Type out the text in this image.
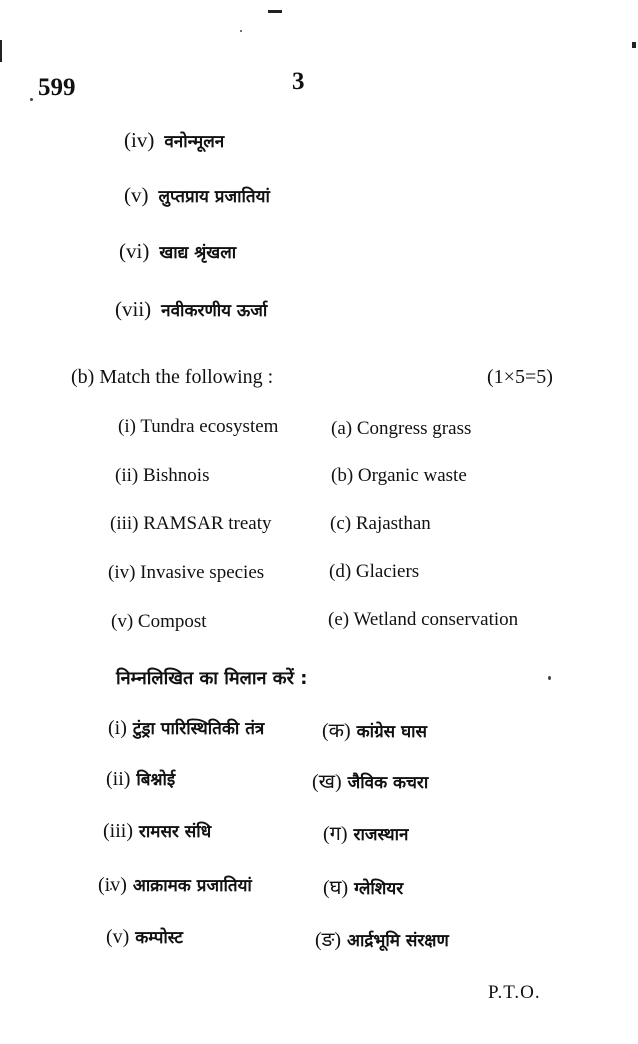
599	3
(iv) वनोन्मूलन
(v) लुप्तप्राय प्रजातियां
(vi) खाद्य श्रृंखला
(vii) नवीकरणीय ऊर्जा
(b) Match the following :	(1×5=5)
(i) Tundra ecosystem	(a) Congress grass
(ii) Bishnois	(b) Organic waste
(iii) RAMSAR treaty	(c) Rajasthan
(iv) Invasive species	(d) Glaciers
(v) Compost	(e) Wetland conservation
निम्नलिखित का मिलान करें :
(i) टुंड्रा पारिस्थितिकी तंत्र	(क) कांग्रेस घास
(ii) बिश्नोई	(ख) जैविक कचरा
(iii) रामसर संधि	(ग) राजस्थान
(iv) आक्रामक प्रजातियां	(घ) ग्लेशियर
(v) कम्पोस्ट	(ङ) आर्द्रभूमि संरक्षण
P.T.O.
